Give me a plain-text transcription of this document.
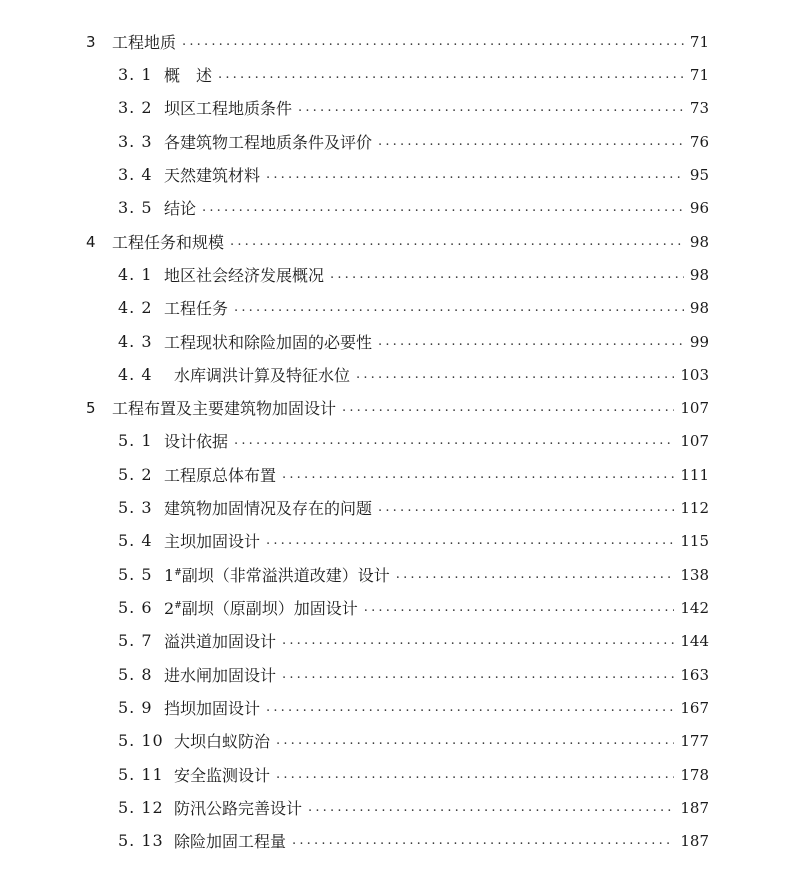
3	工程地质 .....	71
3. 1 概　述 .....	71
3. 2 坝区工程地质条件 .....	73
3. 3 各建筑物工程地质条件及评价 .....	76
3. 4 天然建筑材料 .....	95
3. 5 结论 .....	96
4	工程任务和规模 .....	98
4. 1 地区社会经济发展概况 .....	98
4. 2 工程任务 .....	98
4. 3 工程现状和除险加固的必要性 .....	99
4. 4	水库调洪计算及特征水位 .....	103
5	工程布置及主要建筑物加固设计 .....	107
5. 1 设计依据 .....	107
5. 2 工程原总体布置 .....	111
5. 3 建筑物加固情况及存在的问题 .....	112
5. 4 主坝加固设计 .....	115
5. 5 1#副坝（非常溢洪道改建）设计 .....	138
5. 6 2#副坝（原副坝）加固设计 .....	142
5. 7 溢洪道加固设计 .....	144
5. 8 进水闸加固设计 .....	163
5. 9 挡坝加固设计 .....	167
5. 10 大坝白蚁防治 .....	177
5. 11 安全监测设计 .....	178
5. 12 防汛公路完善设计 .....	187
5. 13 除险加固工程量 .....	187
